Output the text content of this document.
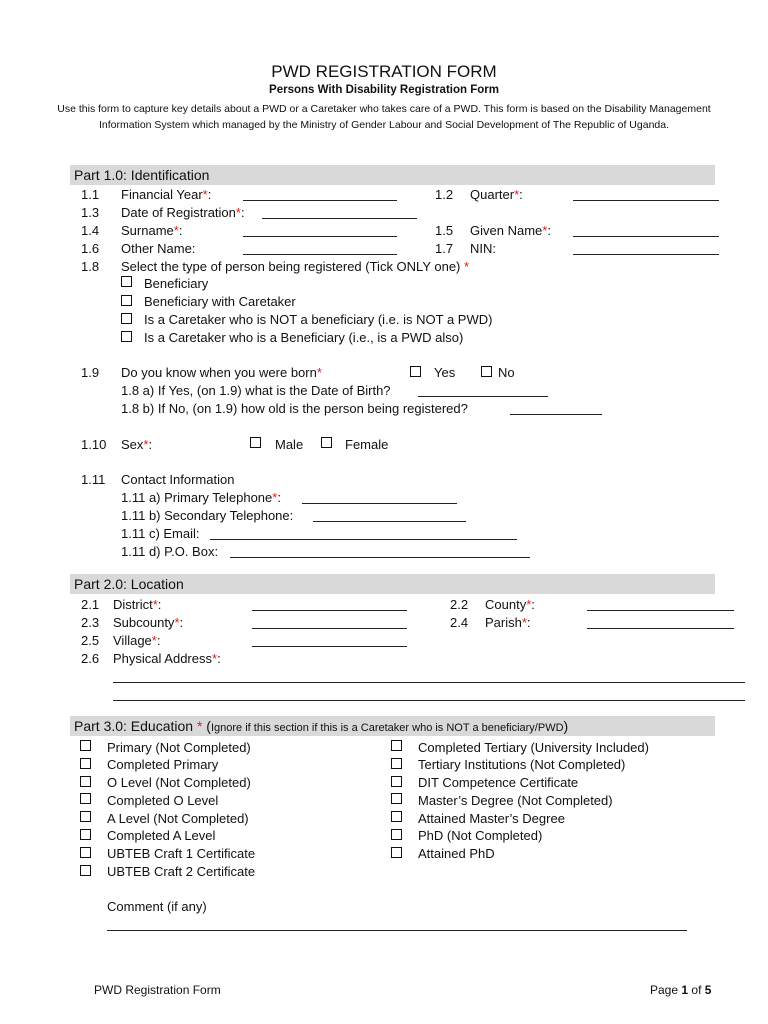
PWD REGISTRATION FORM
Persons With Disability Registration Form
Use this form to capture key details about a PWD or a Caretaker who takes care of a PWD. This form is based on the Disability Management Information System which managed by the Ministry of Gender Labour and Social Development of The Republic of Uganda.
Part 1.0: Identification
1.1 Financial Year*:	1.2 Quarter*:
1.3 Date of Registration*:
1.4 Surname*:	1.5 Given Name*:
1.6 Other Name:	1.7 NIN:
1.8 Select the type of person being registered (Tick ONLY one) *
Beneficiary
Beneficiary with Caretaker
Is a Caretaker who is NOT a beneficiary (i.e. is NOT a PWD)
Is a Caretaker who is a Beneficiary (i.e., is a PWD also)
1.9 Do you know when you were born*	Yes	No
1.8 a) If Yes, (on 1.9) what is the Date of Birth?
1.8 b) If No, (on 1.9) how old is the person being registered?
1.10 Sex*:	Male	Female
1.11 Contact Information
1.11 a) Primary Telephone*:
1.11 b) Secondary Telephone:
1.11 c) Email:
1.11 d) P.O. Box:
Part 2.0: Location
2.1 District*:	2.2 County*:
2.3 Subcounty*:	2.4 Parish*:
2.5 Village*:
2.6 Physical Address*:
Part 3.0: Education * (Ignore if this section if this is a Caretaker who is NOT a beneficiary/PWD)
Primary (Not Completed)
Completed Primary
O Level (Not Completed)
Completed O Level
A Level (Not Completed)
Completed A Level
UBTEB Craft 1 Certificate
UBTEB Craft 2 Certificate
Completed Tertiary (University Included)
Tertiary Institutions (Not Completed)
DIT Competence Certificate
Master’s Degree (Not Completed)
Attained Master’s Degree
PhD (Not Completed)
Attained PhD
Comment (if any)
PWD Registration Form	Page 1 of 5
